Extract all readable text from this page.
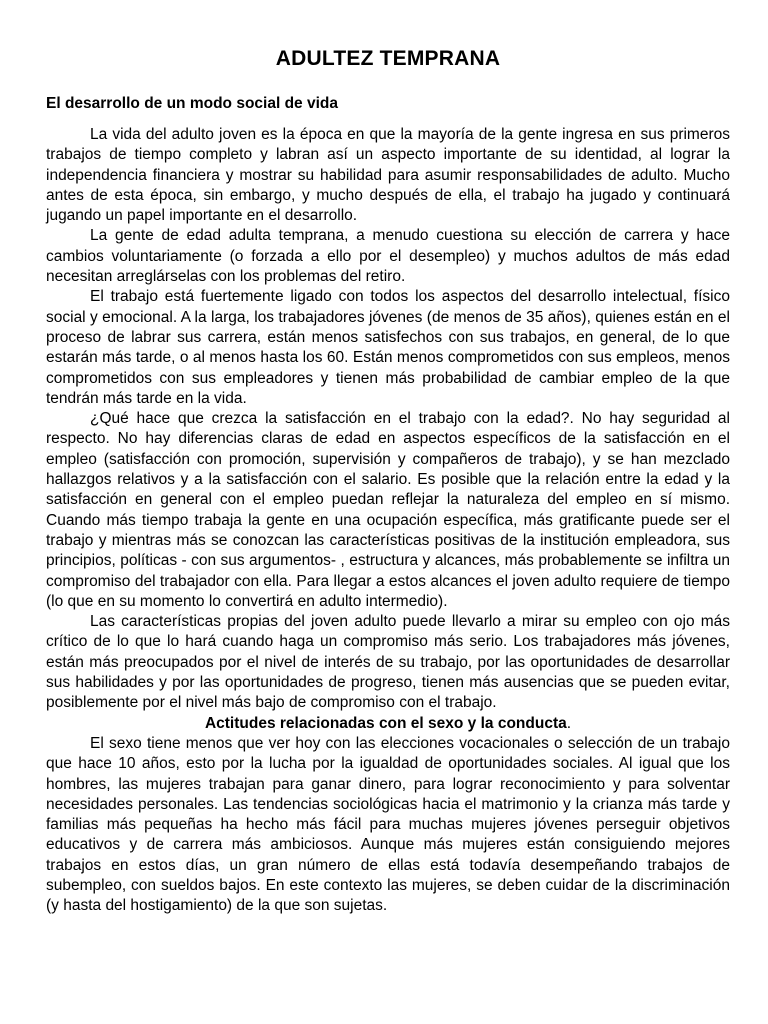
ADULTEZ TEMPRANA
El desarrollo de un modo social de vida

La vida del adulto joven es la época en que la mayoría de la gente ingresa en sus primeros trabajos de tiempo completo y labran así un aspecto importante de su identidad, al lograr la independencia financiera y mostrar su habilidad para asumir responsabilidades de adulto. Mucho antes de esta época, sin embargo, y mucho después de ella, el trabajo ha jugado y continuará jugando un papel importante en el desarrollo.

La gente de edad adulta temprana, a menudo cuestiona su elección de carrera y hace cambios voluntariamente (o forzada a ello por el desempleo) y muchos adultos de más edad necesitan arreglárselas con los problemas del retiro.

El trabajo está fuertemente ligado con todos los aspectos del desarrollo intelectual, físico social y emocional. A la larga, los trabajadores jóvenes (de menos de 35 años), quienes están en el proceso de labrar sus carrera, están menos satisfechos con sus trabajos, en general, de lo que estarán más tarde, o al menos hasta los 60. Están menos comprometidos con sus empleos, menos comprometidos con sus empleadores y tienen más probabilidad de cambiar empleo de la que tendrán más tarde en la vida.

¿Qué hace que crezca la satisfacción en el trabajo con la edad?. No hay seguridad al respecto. No hay diferencias claras de edad en aspectos específicos de la satisfacción en el empleo (satisfacción con promoción, supervisión y compañeros de trabajo), y se han mezclado hallazgos relativos y a la satisfacción con el salario. Es posible que la relación entre la edad y la satisfacción en general con el empleo puedan reflejar la naturaleza del empleo en sí mismo. Cuando más tiempo trabaja la gente en una ocupación específica, más gratificante puede ser el trabajo y mientras más se conozcan las características positivas de la institución empleadora, sus principios, políticas - con sus argumentos- , estructura y alcances, más probablemente se infiltra un compromiso del trabajador con ella. Para llegar a estos alcances el joven adulto requiere de tiempo (lo que en su momento lo convertirá en adulto intermedio).

Las características propias del joven adulto puede llevarlo a mirar su empleo con ojo más crítico de lo que lo hará cuando haga un compromiso más serio. Los trabajadores más jóvenes, están más preocupados por el nivel de interés de su trabajo, por las oportunidades de desarrollar sus habilidades y por las oportunidades de progreso, tienen más ausencias que se pueden evitar, posiblemente por el nivel más bajo de compromiso con el trabajo.

Actitudes relacionadas con el sexo y la conducta.

El sexo tiene menos que ver hoy con las elecciones vocacionales o selección de un trabajo que hace 10 años, esto por la lucha por la igualdad de oportunidades sociales. Al igual que los hombres, las mujeres trabajan para ganar dinero, para lograr reconocimiento y para solventar necesidades personales. Las tendencias sociológicas hacia el matrimonio y la crianza más tarde y familias más pequeñas ha hecho más fácil para muchas mujeres jóvenes perseguir objetivos educativos y de carrera más ambiciosos. Aunque más mujeres están consiguiendo mejores trabajos en estos días, un gran número de ellas está todavía desempeñando trabajos de subempleo, con sueldos bajos. En este contexto las mujeres, se deben cuidar de la discriminación (y hasta del hostigamiento) de la que son sujetas.
